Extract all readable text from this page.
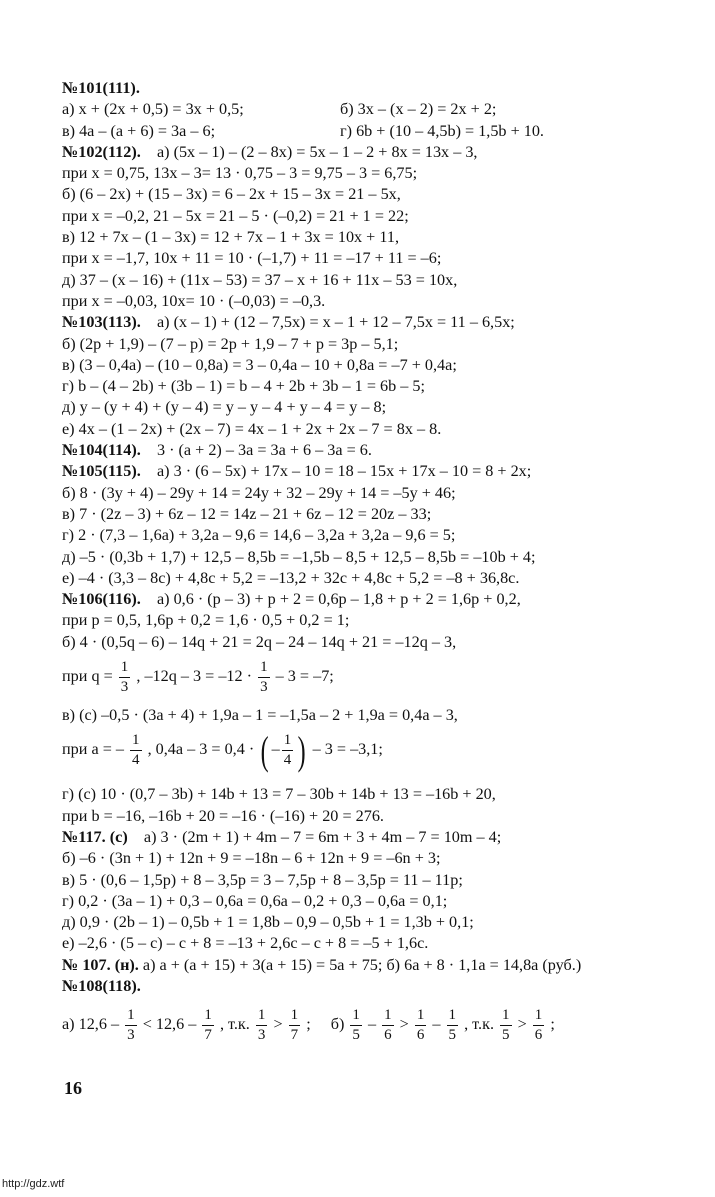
№101(111).
а) x + (2x + 0,5) = 3x + 0,5;	б) 3x – (x – 2) = 2x + 2;
в) 4a – (a + 6) = 3a – 6;	г) 6b + (10 – 4,5b) = 1,5b + 10.
№102(112).    а) (5x – 1) – (2 – 8x) = 5x – 1 – 2 + 8x = 13x – 3,
при x = 0,75, 13x – 3= 13 · 0,75 – 3 = 9,75 – 3 = 6,75;
б) (6 – 2x) + (15 – 3x) = 6 – 2x + 15 – 3x = 21 – 5x,
при x = –0,2, 21 – 5x = 21 – 5 · (–0,2) = 21 + 1 = 22;
в) 12 + 7x – (1 – 3x) = 12 + 7x – 1 + 3x = 10x + 11,
при x = –1,7, 10x + 11 = 10 · (–1,7) + 11 = –17 + 11 = –6;
д) 37 – (x – 16) + (11x – 53) = 37 – x + 16 + 11x – 53 = 10x,
при x = –0,03, 10x= 10 · (–0,03) = –0,3.
№103(113).    а) (x – 1) + (12 – 7,5x) = x – 1 + 12 – 7,5x = 11 – 6,5x;
б) (2p + 1,9) – (7 – p) = 2p + 1,9 – 7 + p = 3p – 5,1;
в) (3 – 0,4a) – (10 – 0,8a) = 3 – 0,4a – 10 + 0,8a = –7 + 0,4a;
г) b – (4 – 2b) + (3b – 1) = b – 4 + 2b + 3b – 1 = 6b – 5;
д) y – (y + 4) + (y – 4) = y – y – 4 + y – 4 = y – 8;
е) 4x – (1 – 2x) + (2x – 7) = 4x – 1 + 2x + 2x – 7 = 8x – 8.
№104(114).    3 · (a + 2) – 3a = 3a + 6 – 3a = 6.
№105(115).    а) 3 · (6 – 5x) + 17x – 10 = 18 – 15x + 17x – 10 = 8 + 2x;
б) 8 · (3y + 4) – 29y + 14 = 24y + 32 – 29y + 14 = –5y + 46;
в) 7 · (2z – 3) + 6z – 12 = 14z – 21 + 6z – 12 = 20z – 33;
г) 2 · (7,3 – 1,6a) + 3,2a – 9,6 = 14,6 – 3,2a + 3,2a – 9,6 = 5;
д) –5 · (0,3b + 1,7) + 12,5 – 8,5b = –1,5b – 8,5 + 12,5 – 8,5b = –10b + 4;
е) –4 · (3,3 – 8c) + 4,8c + 5,2 = –13,2 + 32c + 4,8c + 5,2 = –8 + 36,8c.
№106(116).    а) 0,6 · (p – 3) + p + 2 = 0,6p – 1,8 + p + 2 = 1,6p + 0,2,
при p = 0,5, 1,6p + 0,2 = 1,6 · 0,5 + 0,2 = 1;
б) 4 · (0,5q – 6) – 14q + 21 = 2q – 24 – 14q + 21 = –12q – 3,
при $q = \frac{1}{3}$ , $-12q - 3 = -12 \cdot \frac{1}{3} - 3 = -7$;
в) (с) –0,5 · (3a + 4) + 1,9a – 1 = –1,5a – 2 + 1,9a = 0,4a – 3,
при a = – $\frac{1}{4}$ , 0,4a – 3 = 0,4 · ( – $\frac{1}{4}$ ) – 3 = –3,1;
г) (с) 10 · (0,7 – 3b) + 14b + 13 = 7 – 30b + 14b + 13 = –16b + 20,
при b = –16, –16b + 20 = –16 · (–16) + 20 = 276.
№117. (с)    а) 3 · (2m + 1) + 4m – 7 = 6m + 3 + 4m – 7 = 10m – 4;
б) –6 · (3n + 1) + 12n + 9 = –18n – 6 + 12n + 9 = –6n + 3;
в) 5 · (0,6 – 1,5p) + 8 – 3,5p = 3 – 7,5p + 8 – 3,5p = 11 – 11p;
г) 0,2 · (3a – 1) + 0,3 – 0,6a = 0,6a – 0,2 + 0,3 – 0,6a = 0,1;
д) 0,9 · (2b – 1) – 0,5b + 1 = 1,8b – 0,9 – 0,5b + 1 = 1,3b + 0,1;
е) –2,6 · (5 – c) – c + 8 = –13 + 2,6c – c + 8 = –5 + 1,6c.
№ 107. (н). а) a + (a + 15) + 3(a + 15) = 5a + 75; б) 6a + 8 · 1,1a = 14,8a (руб.)
№108(118).
а) $12,6 - \frac{1}{3} < 12,6 - \frac{1}{7}$ , т.к. $\frac{1}{3} > \frac{1}{7}$ ; $б) \frac{1}{5} - \frac{1}{6} > \frac{1}{6} - \frac{1}{5}$ , т.к. $\frac{1}{5} > \frac{1}{6}$ ;
16
http://gdz.wtf
